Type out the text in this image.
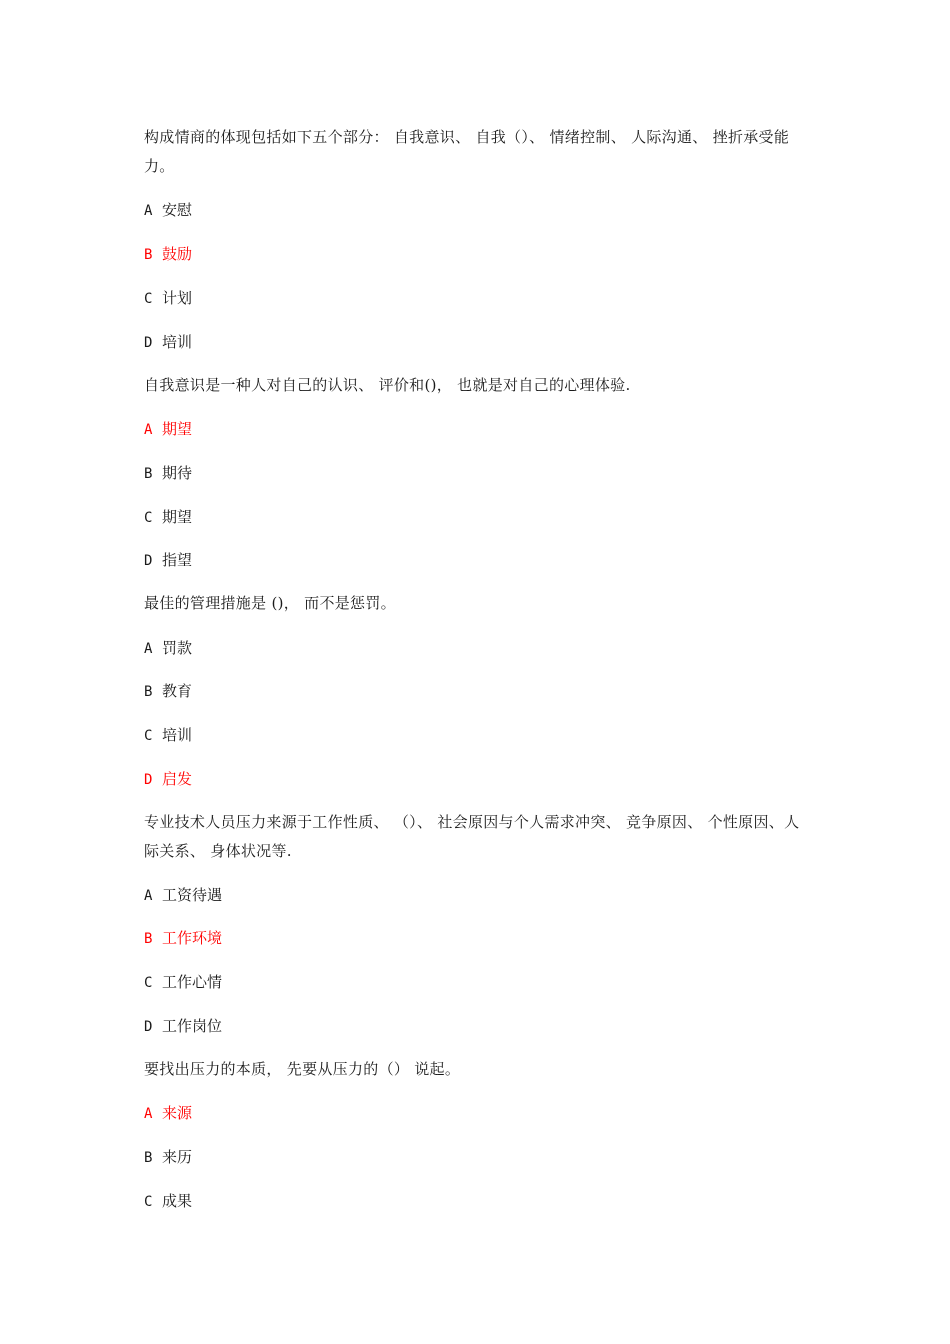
构成情商的体现包括如下五个部分： 自我意识、 自我（）、 情绪控制、 人际沟通、 挫折承受能力。
A 安慰
B 鼓励
C 计划
D 培训
自我意识是一种人对自己的认识、 评价和()， 也就是对自己的心理体验.
A 期望
B 期待
C 期望
D 指望
最佳的管理措施是 ()， 而不是惩罚。
A 罚款
B 教育
C 培训
D 启发
专业技术人员压力来源于工作性质、 （）、 社会原因与个人需求冲突、 竞争原因、 个性原因、人际关系、 身体状况等.
A 工资待遇
B 工作环境
C 工作心情
D 工作岗位
要找出压力的本质， 先要从压力的（） 说起。
A 来源
B 来历
C 成果
